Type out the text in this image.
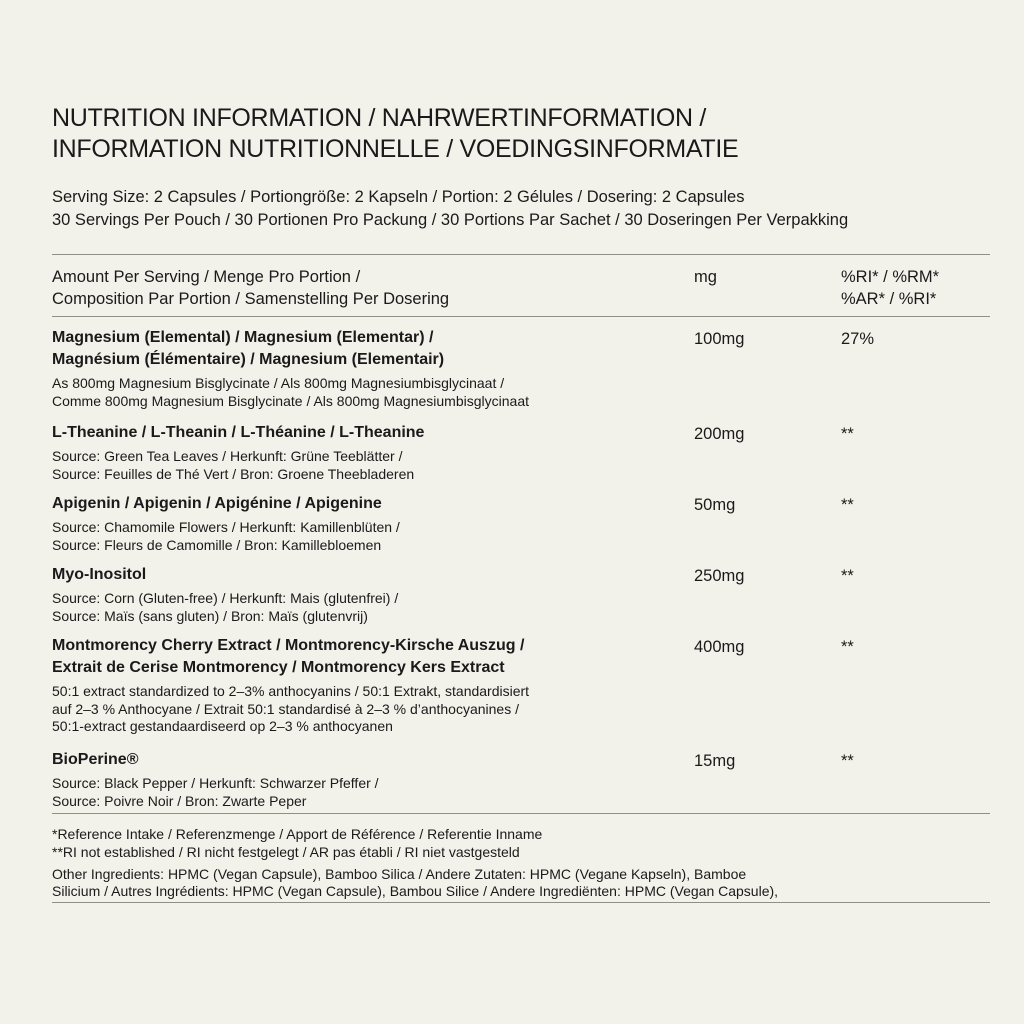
NUTRITION INFORMATION / NAHRWERTINFORMATION /
INFORMATION NUTRITIONNELLE / VOEDINGSINFORMATIE
Serving Size: 2 Capsules / Portiongröße: 2 Kapseln / Portion: 2 Gélules / Dosering: 2 Capsules
30 Servings Per Pouch / 30 Portionen Pro Packung / 30 Portions Par Sachet / 30 Doseringen Per Verpakking
Amount Per Serving / Menge Pro Portion /
Composition Par Portion / Samenstelling Per Dosering
mg	%RI* / %RM*
%AR* / %RI*
Magnesium (Elemental) / Magnesium (Elementar) /
Magnésium (Élémentaire) / Magnesium (Elementair)
As 800mg Magnesium Bisglycinate / Als 800mg Magnesiumbisglycinaat /
Comme 800mg Magnesium Bisglycinate / Als 800mg Magnesiumbisglycinaat
100mg	27%
L-Theanine / L-Theanin / L-Théanine / L-Theanine
Source: Green Tea Leaves / Herkunft: Grüne Teeblätter /
Source: Feuilles de Thé Vert / Bron: Groene Theebladeren
200mg	**
Apigenin / Apigenin / Apigénine / Apigenine
Source: Chamomile Flowers / Herkunft: Kamillenblüten /
Source: Fleurs de Camomille / Bron: Kamillebloemen
50mg	**
Myo-Inositol
Source: Corn (Gluten-free) / Herkunft: Mais (glutenfrei) /
Source: Maïs (sans gluten) / Bron: Maïs (glutenvrij)
250mg	**
Montmorency Cherry Extract / Montmorency-Kirsche Auszug /
Extrait de Cerise Montmorency / Montmorency Kers Extract
50:1 extract standardized to 2–3% anthocyanins / 50:1 Extrakt, standardisiert
auf 2–3 % Anthocyane / Extrait 50:1 standardisé à 2–3 % d’anthocyanines /
50:1-extract gestandaardiseerd op 2–3 % anthocyanen
400mg	**
BioPerine®
Source: Black Pepper / Herkunft: Schwarzer Pfeffer /
Source: Poivre Noir / Bron: Zwarte Peper
15mg	**
*Reference Intake / Referenzmenge / Apport de Référence / Referentie Inname
**RI not established / RI nicht festgelegt / AR pas établi / RI niet vastgesteld
Other Ingredients: HPMC (Vegan Capsule), Bamboo Silica / Andere Zutaten: HPMC (Vegane Kapseln), Bamboe
Silicium / Autres Ingrédients: HPMC (Vegan Capsule), Bambou Silice / Andere Ingrediënten: HPMC (Vegan Capsule),
